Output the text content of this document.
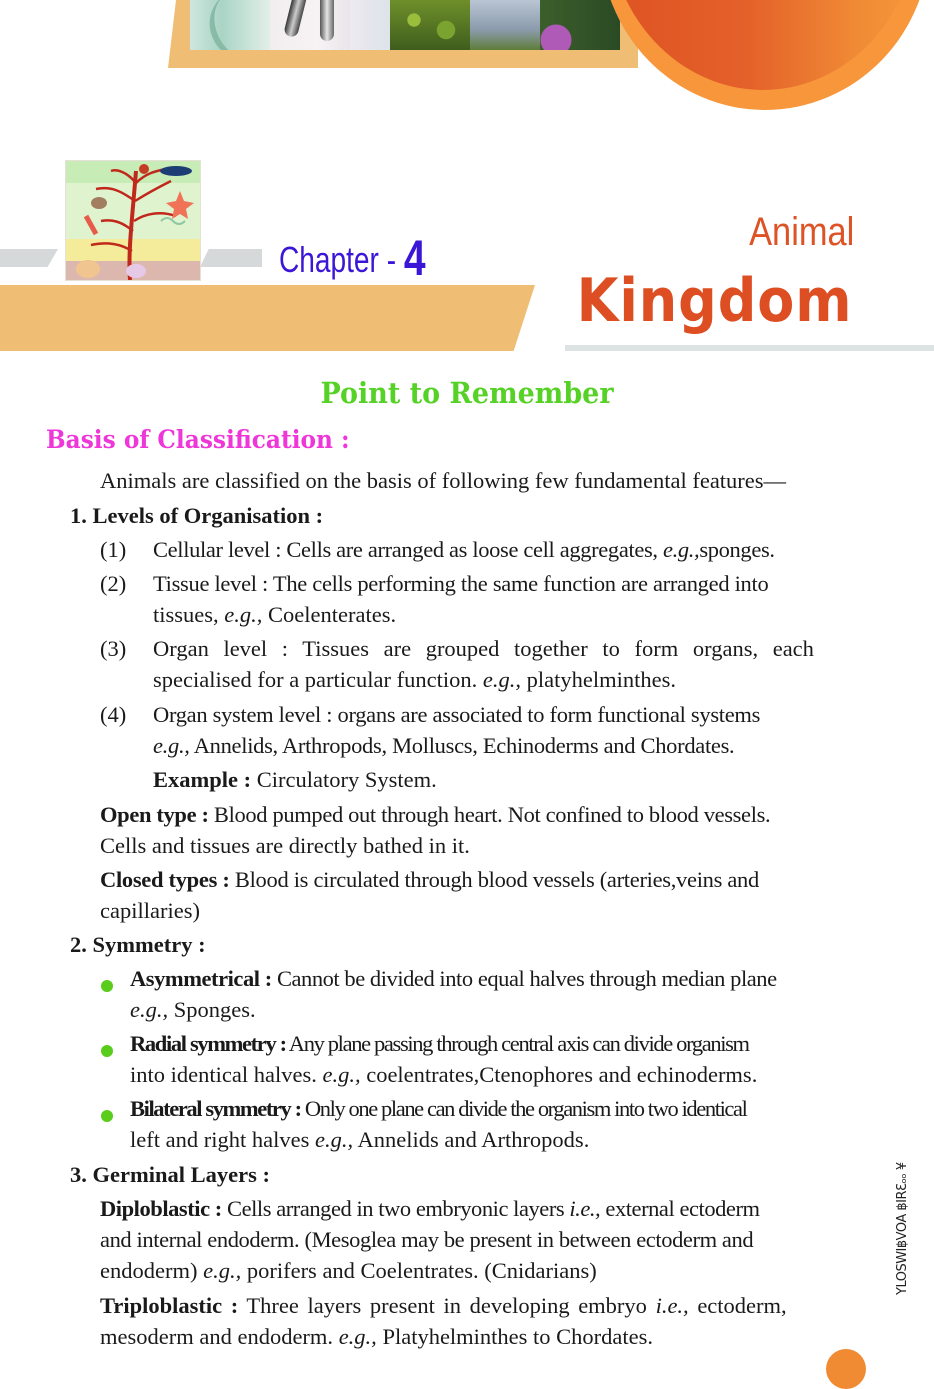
Chapter - 4	Animal
Kingdom
Point to Remember
Basis of Classification :
Animals are classified on the basis of following few fundamental features—
1. Levels of Organisation :
(1) Cellular level : Cells are arranged as loose cell aggregates, e.g.,sponges.
(2) Tissue level : The cells performing the same function are arranged into
tissues, e.g., Coelenterates.
(3) Organ level : Tissues are grouped together to form organs, each
specialised for a particular function. e.g., platyhelminthes.
(4) Organ system level : organs are associated to form functional systems
e.g., Annelids, Arthropods, Molluscs, Echinoderms and Chordates.
Example : Circulatory System.
Open type : Blood pumped out through heart. Not confined to blood vessels.
Cells and tissues are directly bathed in it.
Closed types : Blood is circulated through blood vessels (arteries,veins and
capillaries)
2. Symmetry :
Asymmetrical : Cannot be divided into equal halves through median plane
e.g., Sponges.
Radial symmetry : Any plane passing through central axis can divide organism
into identical halves. e.g., coelentrates,Ctenophores and echinoderms.
Bilateral symmetry : Only one plane can divide the organism into two identical
left and right halves e.g., Annelids and Arthropods.
3. Germinal Layers :
Diploblastic : Cells arranged in two embryonic layers i.e., external ectoderm
and internal endoderm. (Mesoglea may be present in between ectoderm and
endoderm) e.g., porifers and Coelentrates. (Cnidarians)
Triploblastic : Three layers present in developing embryo i.e., ectoderm,
mesoderm and endoderm. e.g., Platyhelminthes to Chordates.
YLOSWI฿VOA ฿IRƐₒₒ ¥
